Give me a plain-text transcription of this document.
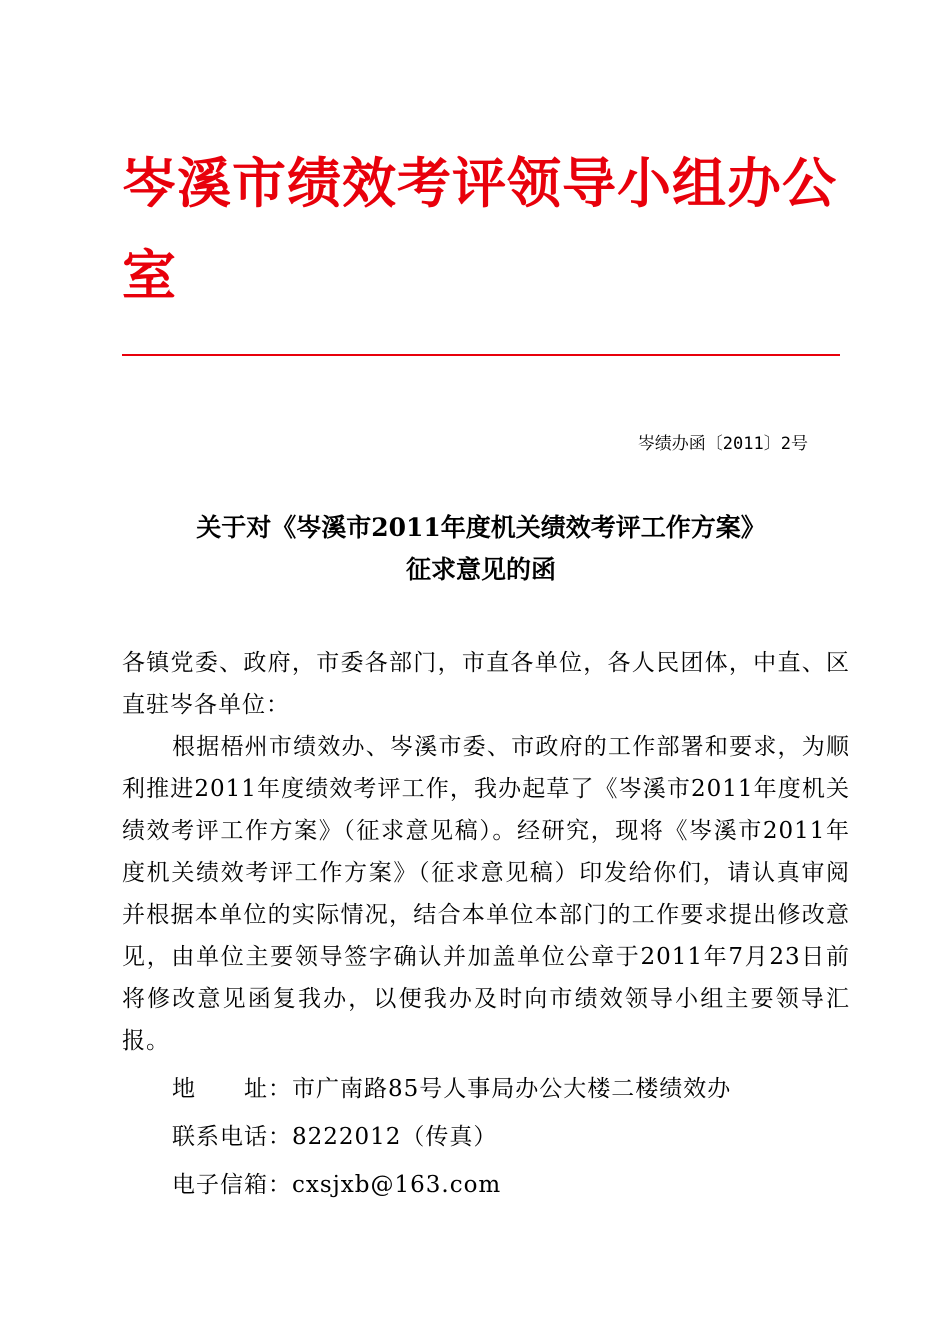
岑溪市绩效考评领导小组办公室
岑绩办函〔2011〕2号
关于对《岑溪市2011年度机关绩效考评工作方案》
征求意见的函

各镇党委、政府，市委各部门，市直各单位，各人民团体，中直、区直驻岑各单位：

根据梧州市绩效办、岑溪市委、市政府的工作部署和要求，为顺利推进2011年度绩效考评工作，我办起草了《岑溪市2011年度机关绩效考评工作方案》（征求意见稿）。经研究，现将《岑溪市2011年度机关绩效考评工作方案》（征求意见稿）印发给你们，请认真审阅并根据本单位的实际情况，结合本单位本部门的工作要求提出修改意见，由单位主要领导签字确认并加盖单位公章于2011年7月23日前将修改意见函复我办，以便我办及时向市绩效领导小组主要领导汇报。

地　　址：市广南路85号人事局办公大楼二楼绩效办

联系电话：8222012（传真）

电子信箱：cxsjxb@163.com
